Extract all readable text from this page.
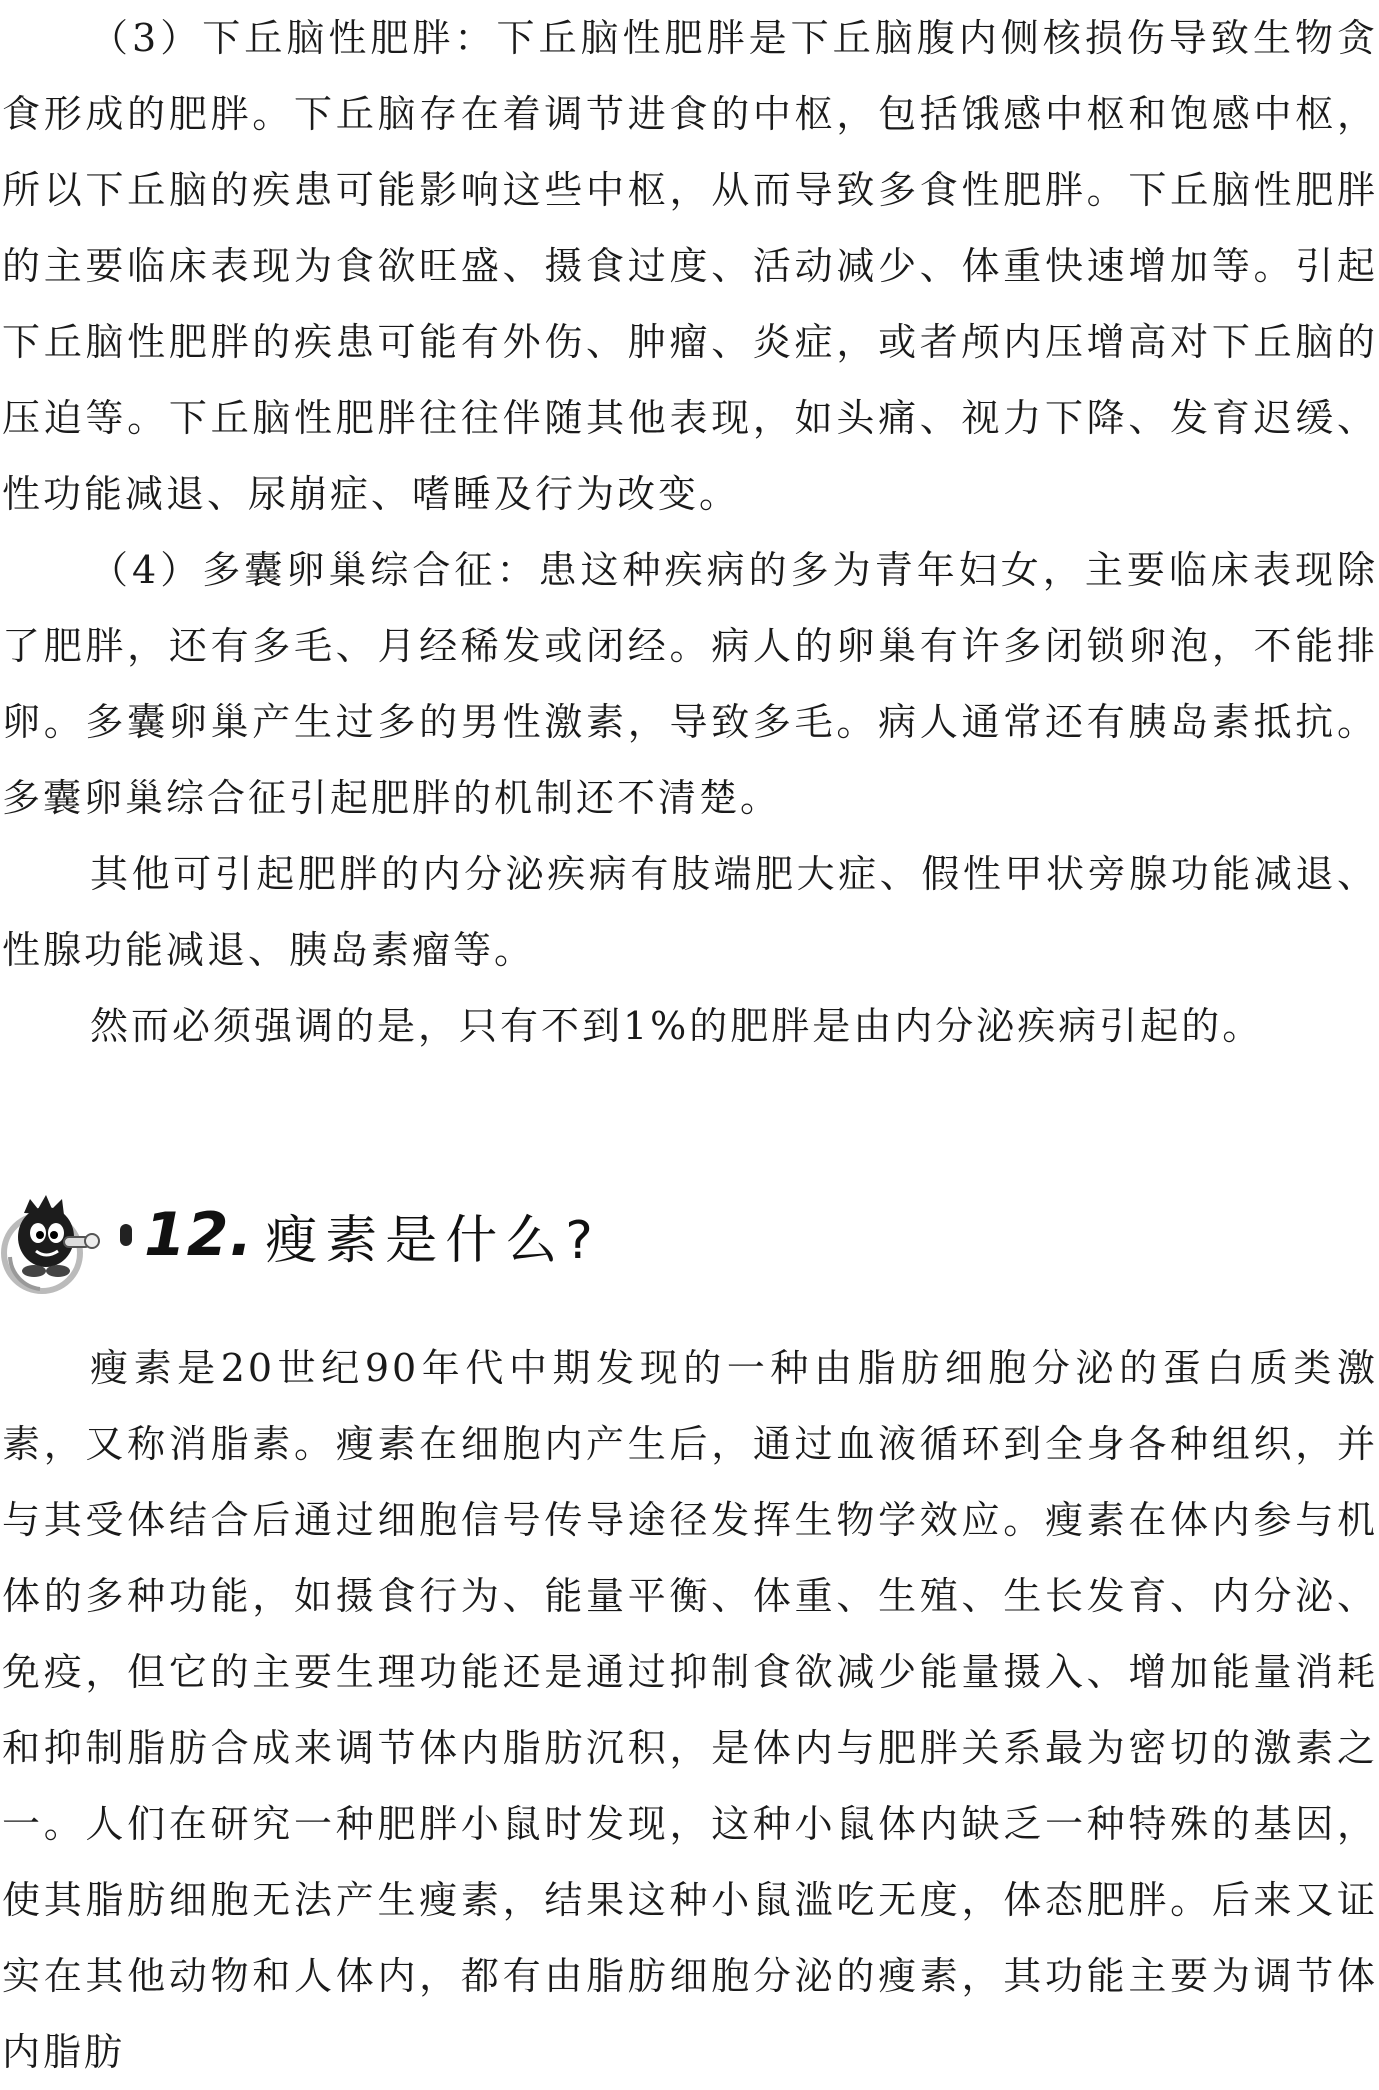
（3）下丘脑性肥胖：下丘脑性肥胖是下丘脑腹内侧核损伤导致生物贪食形成的肥胖。下丘脑存在着调节进食的中枢，包括饿感中枢和饱感中枢，所以下丘脑的疾患可能影响这些中枢，从而导致多食性肥胖。下丘脑性肥胖的主要临床表现为食欲旺盛、摄食过度、活动减少、体重快速增加等。引起下丘脑性肥胖的疾患可能有外伤、肿瘤、炎症，或者颅内压增高对下丘脑的压迫等。下丘脑性肥胖往往伴随其他表现，如头痛、视力下降、发育迟缓、性功能减退、尿崩症、嗜睡及行为改变。

（4）多囊卵巢综合征：患这种疾病的多为青年妇女，主要临床表现除了肥胖，还有多毛、月经稀发或闭经。病人的卵巢有许多闭锁卵泡，不能排卵。多囊卵巢产生过多的男性激素，导致多毛。病人通常还有胰岛素抵抗。多囊卵巢综合征引起肥胖的机制还不清楚。

其他可引起肥胖的内分泌疾病有肢端肥大症、假性甲状旁腺功能减退、性腺功能减退、胰岛素瘤等。

然而必须强调的是，只有不到1%的肥胖是由内分泌疾病引起的。

12. 瘦素是什么?

瘦素是20世纪90年代中期发现的一种由脂肪细胞分泌的蛋白质类激素，又称消脂素。瘦素在细胞内产生后，通过血液循环到全身各种组织，并与其受体结合后通过细胞信号传导途径发挥生物学效应。瘦素在体内参与机体的多种功能，如摄食行为、能量平衡、体重、生殖、生长发育、内分泌、免疫，但它的主要生理功能还是通过抑制食欲减少能量摄入、增加能量消耗和抑制脂肪合成来调节体内脂肪沉积，是体内与肥胖关系最为密切的激素之一。人们在研究一种肥胖小鼠时发现，这种小鼠体内缺乏一种特殊的基因，使其脂肪细胞无法产生瘦素，结果这种小鼠滥吃无度，体态肥胖。后来又证实在其他动物和人体内，都有由脂肪细胞分泌的瘦素，其功能主要为调节体内脂肪
